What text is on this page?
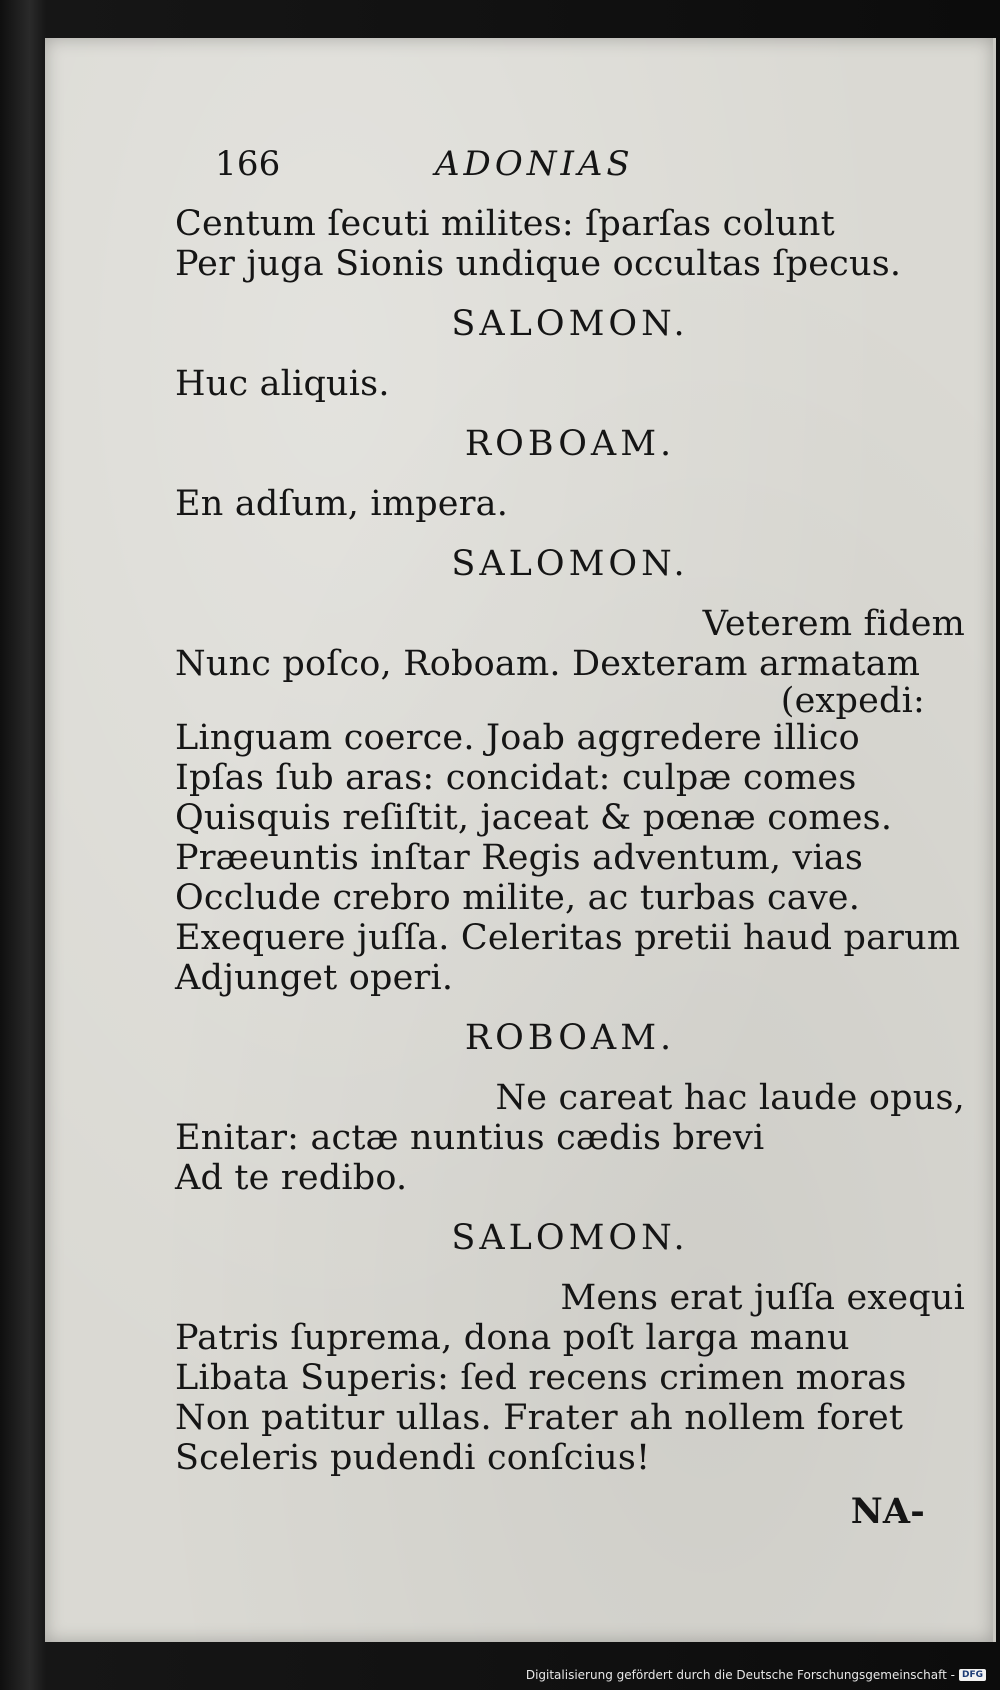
166	ADONIAS
Centum ſecuti milites: ſparſas colunt
Per juga Sionis undique occultas ſpecus.
SALOMON.
Huc aliquis.
ROBOAM.
En adſum, impera.
SALOMON.
Veterem fidem
Nunc poſco, Roboam. Dexteram armatam
(expedi:
Linguam coerce. Joab aggredere illico
Ipſas ſub aras: concidat: culpæ comes
Quisquis reſiſtit, jaceat & pœnæ comes.
Præeuntis inſtar Regis adventum, vias
Occlude crebro milite, ac turbas cave.
Exequere juſſa. Celeritas pretii haud parum
Adjunget operi.
ROBOAM.
Ne careat hac laude opus,
Enitar: actæ nuntius cædis brevi
Ad te redibo.
SALOMON.
Mens erat juſſa exequi
Patris ſuprema, dona poſt larga manu
Libata Superis: ſed recens crimen moras
Non patitur ullas. Frater ah nollem foret
Sceleris pudendi conſcius!
NA-
Digitalisierung gefördert durch die Deutsche Forschungsgemeinschaft - DFG
